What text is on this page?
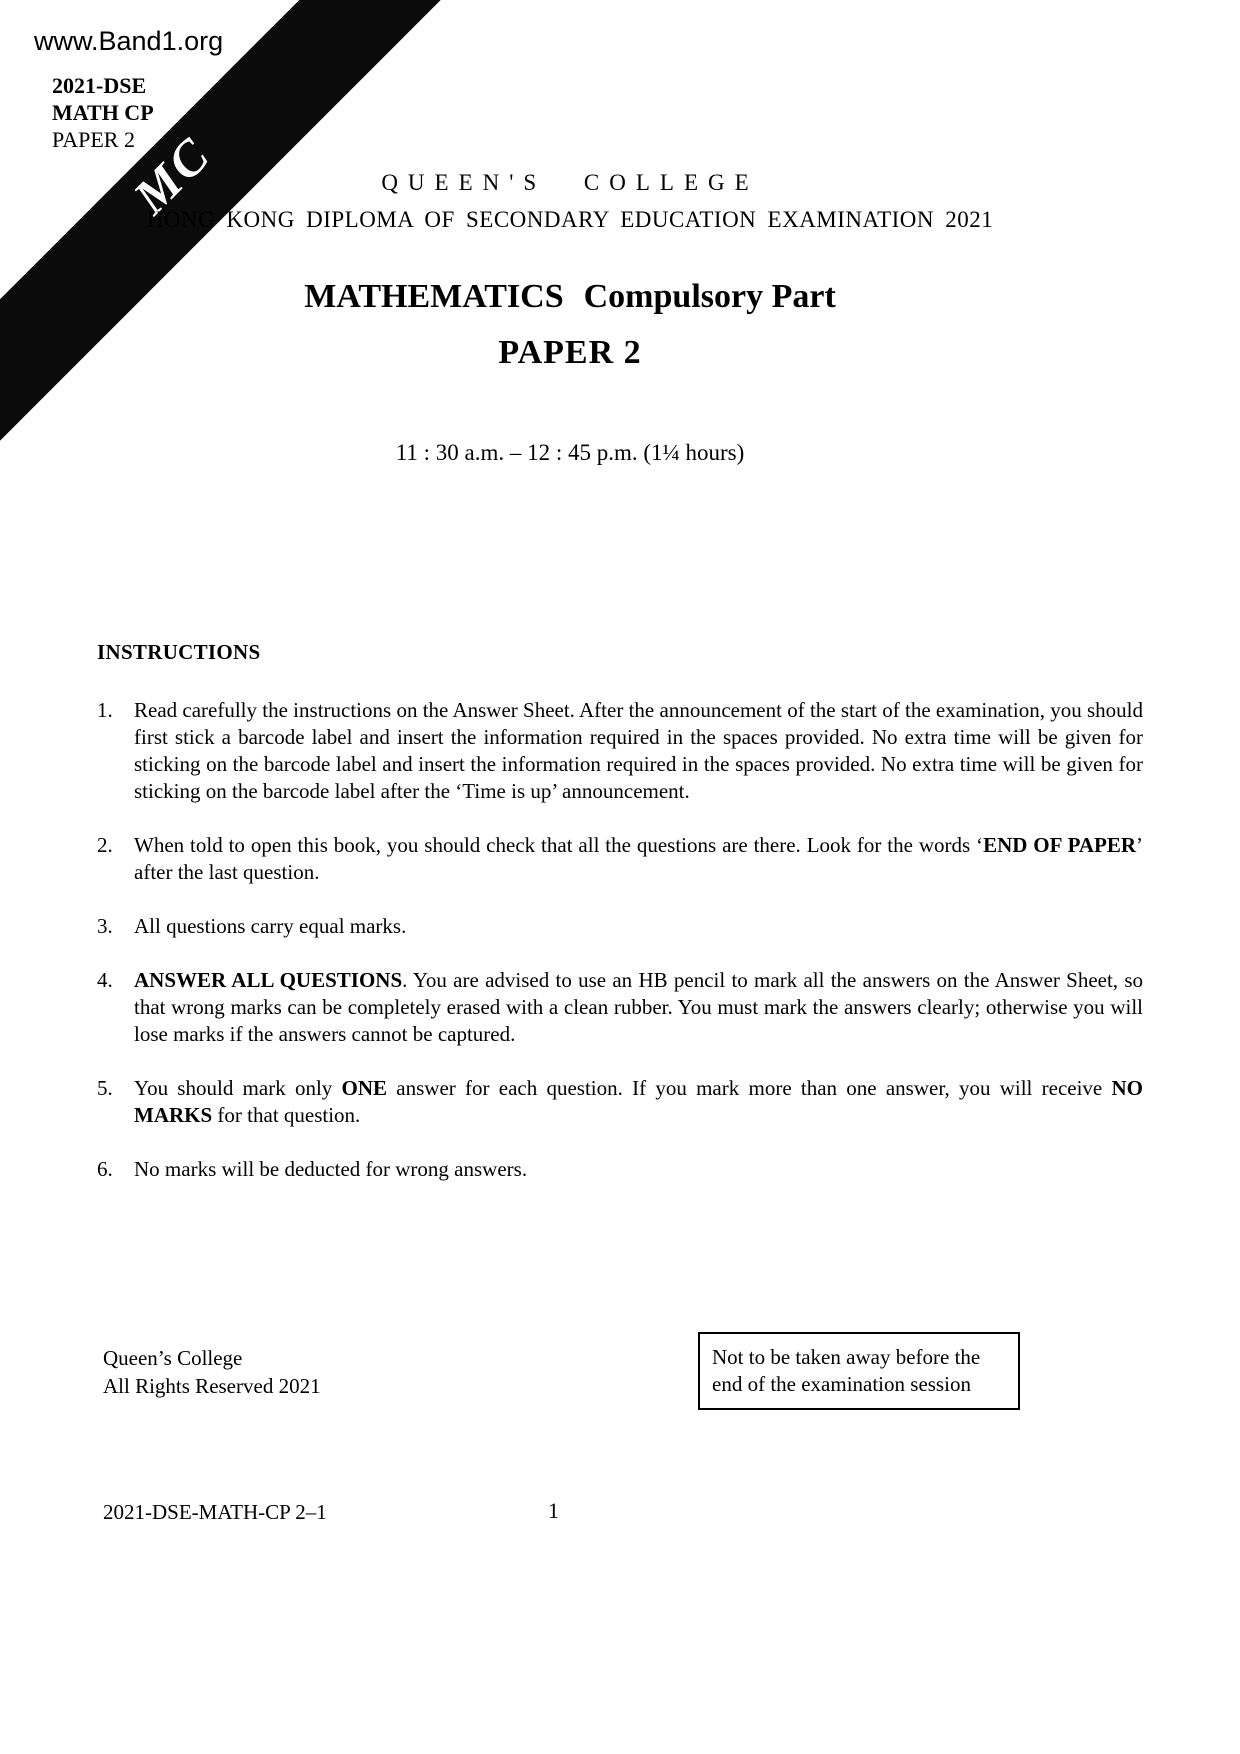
MC
www.Band1.org
2021-DSE
MATH CP
PAPER 2
QUEEN'S COLLEGE
HONG KONG DIPLOMA OF SECONDARY EDUCATION EXAMINATION 2021
MATHEMATICS Compulsory Part
PAPER 2
11 : 30 a.m. – 12 : 45 p.m. (1¼ hours)
INSTRUCTIONS
1.	Read carefully the instructions on the Answer Sheet. After the announcement of the start of the examination, you should first stick a barcode label and insert the information required in the spaces provided. No extra time will be given for sticking on the barcode label and insert the information required in the spaces provided. No extra time will be given for sticking on the barcode label after the ‘Time is up’ announcement.
2.	When told to open this book, you should check that all the questions are there. Look for the words ‘END OF PAPER’ after the last question.
3.	All questions carry equal marks.
4.	ANSWER ALL QUESTIONS. You are advised to use an HB pencil to mark all the answers on the Answer Sheet, so that wrong marks can be completely erased with a clean rubber. You must mark the answers clearly; otherwise you will lose marks if the answers cannot be captured.
5.	You should mark only ONE answer for each question. If you mark more than one answer, you will receive NO MARKS for that question.
6.	No marks will be deducted for wrong answers.
Queen’s College
All Rights Reserved 2021
Not to be taken away before the
end of the examination session
2021-DSE-MATH-CP 2–1	1
